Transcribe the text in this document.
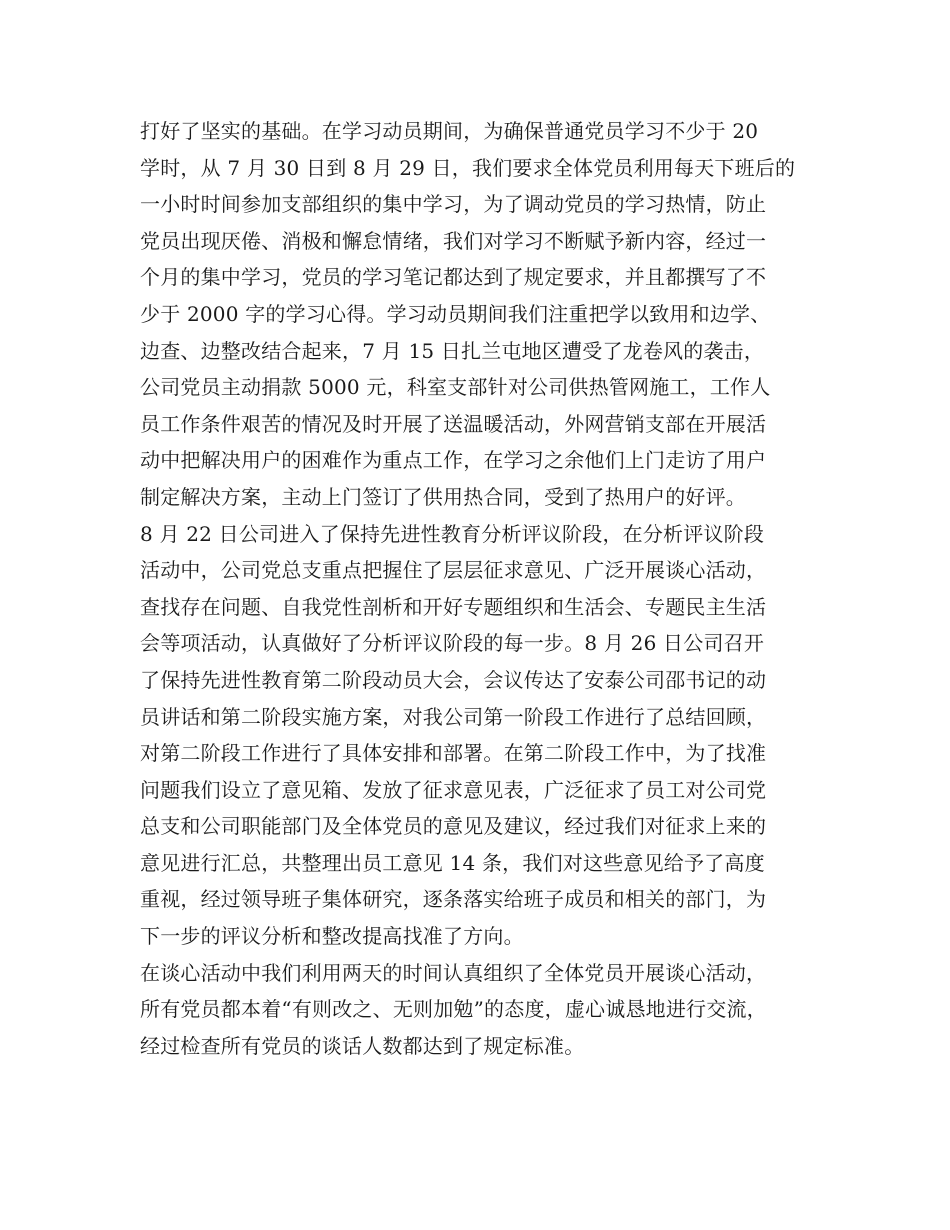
打好了坚实的基础。在学习动员期间，为确保普通党员学习不少于 20
学时，从 7 月 30 日到 8 月 29 日，我们要求全体党员利用每天下班后的
一小时时间参加支部组织的集中学习，为了调动党员的学习热情，防止
党员出现厌倦、消极和懈怠情绪，我们对学习不断赋予新内容，经过一
个月的集中学习，党员的学习笔记都达到了规定要求，并且都撰写了不
少于 2000 字的学习心得。学习动员期间我们注重把学以致用和边学、
边查、边整改结合起来，7 月 15 日扎兰屯地区遭受了龙卷风的袭击，
公司党员主动捐款 5000 元，科室支部针对公司供热管网施工，工作人
员工作条件艰苦的情况及时开展了送温暖活动，外网营销支部在开展活
动中把解决用户的困难作为重点工作，在学习之余他们上门走访了用户
制定解决方案，主动上门签订了供用热合同，受到了热用户的好评。
8 月 22 日公司进入了保持先进性教育分析评议阶段，在分析评议阶段
活动中，公司党总支重点把握住了层层征求意见、广泛开展谈心活动，
查找存在问题、自我党性剖析和开好专题组织和生活会、专题民主生活
会等项活动，认真做好了分析评议阶段的每一步。8 月 26 日公司召开
了保持先进性教育第二阶段动员大会，会议传达了安泰公司邵书记的动
员讲话和第二阶段实施方案，对我公司第一阶段工作进行了总结回顾，
对第二阶段工作进行了具体安排和部署。在第二阶段工作中，为了找准
问题我们设立了意见箱、发放了征求意见表，广泛征求了员工对公司党
总支和公司职能部门及全体党员的意见及建议，经过我们对征求上来的
意见进行汇总，共整理出员工意见 14 条，我们对这些意见给予了高度
重视，经过领导班子集体研究，逐条落实给班子成员和相关的部门，为
下一步的评议分析和整改提高找准了方向。
在谈心活动中我们利用两天的时间认真组织了全体党员开展谈心活动，
所有党员都本着“有则改之、无则加勉”的态度，虚心诚恳地进行交流，
经过检查所有党员的谈话人数都达到了规定标准。
